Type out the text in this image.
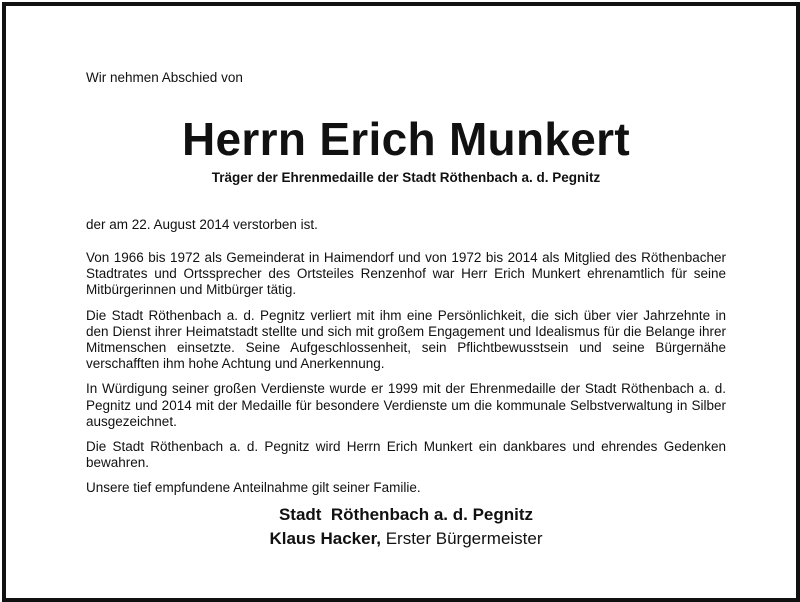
Wir nehmen Abschied von
Herrn Erich Munkert
Träger der Ehrenmedaille der Stadt Röthenbach a. d. Pegnitz
der am 22. August 2014 verstorben ist.

Von 1966 bis 1972 als Gemeinderat in Haimendorf und von 1972 bis 2014 als Mitglied des Röthenbacher Stadtrates und Ortssprecher des Ortsteiles Renzenhof war Herr Erich Munkert ehrenamtlich für seine Mitbürgerinnen und Mitbürger tätig.

Die Stadt Röthenbach a. d. Pegnitz verliert mit ihm eine Persönlichkeit, die sich über vier Jahrzehnte in den Dienst ihrer Heimatstadt stellte und sich mit großem Engagement und Idealismus für die Belange ihrer Mitmenschen einsetzte. Seine Aufgeschlossenheit, sein Pflichtbewusstsein und seine Bürgernähe verschafften ihm hohe Achtung und Anerkennung.

In Würdigung seiner großen Verdienste wurde er 1999 mit der Ehrenmedaille der Stadt Röthenbach a. d. Pegnitz und 2014 mit der Medaille für besondere Verdienste um die kommunale Selbstverwaltung in Silber ausgezeichnet.

Die Stadt Röthenbach a. d. Pegnitz wird Herrn Erich Munkert ein dankbares und ehrendes Gedenken bewahren.

Unsere tief empfundene Anteilnahme gilt seiner Familie.

Stadt  Röthenbach a. d. Pegnitz
Klaus Hacker, Erster Bürgermeister
